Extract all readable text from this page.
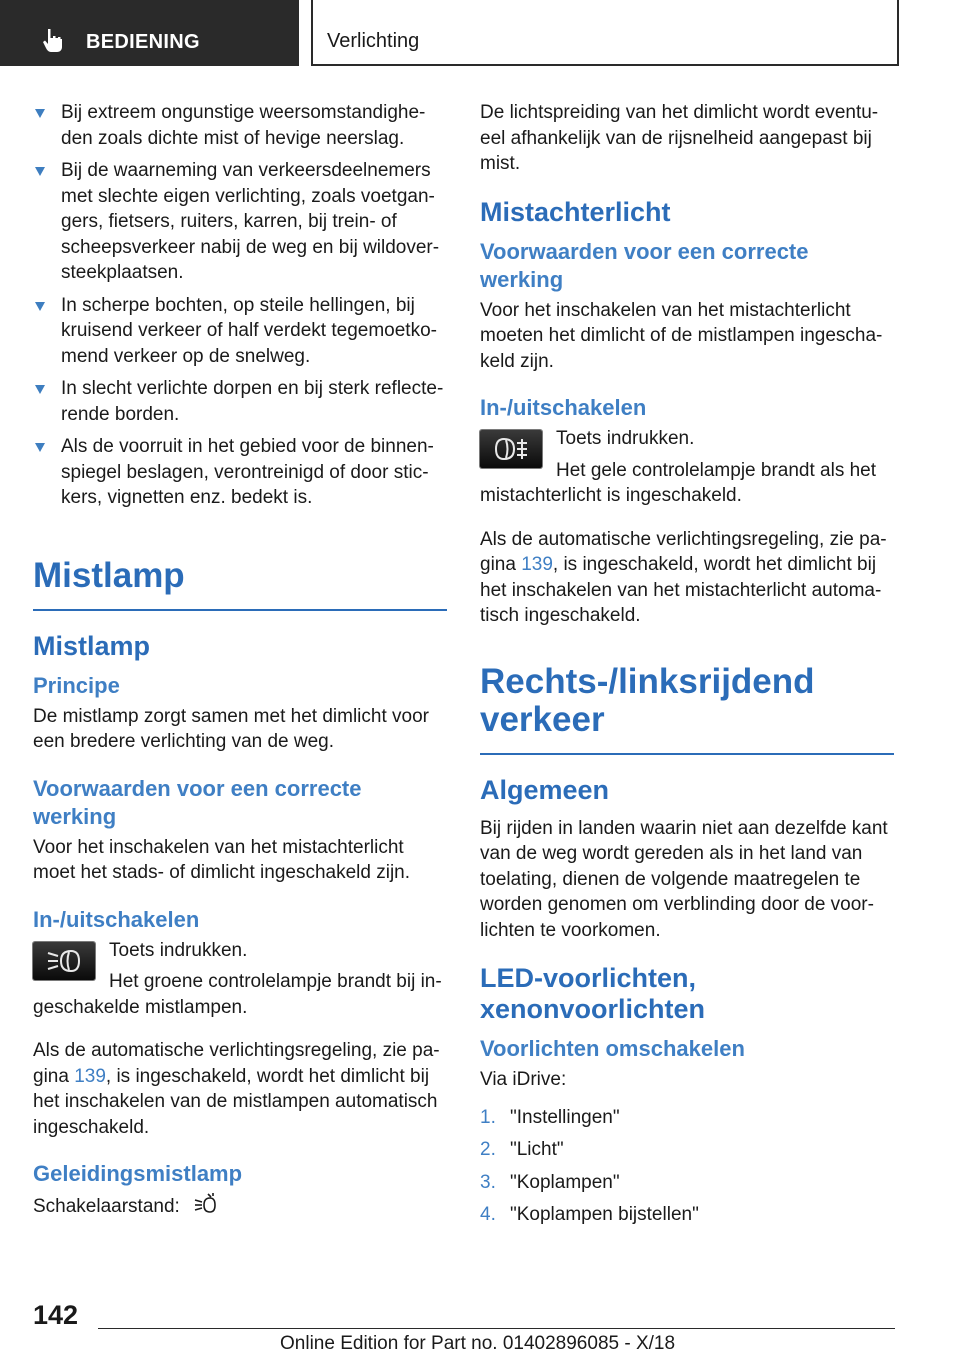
BEDIENING	Verlichting
Bij extreem ongunstige weersomstandighe-den zoals dichte mist of hevige neerslag.
Bij de waarneming van verkeersdeelnemers met slechte eigen verlichting, zoals voetgan-gers, fietsers, ruiters, karren, bij trein- of scheepsverkeer nabij de weg en bij wildover-steekplaatsen.
In scherpe bochten, op steile hellingen, bij kruisend verkeer of half verdekt tegemoetko-mend verkeer op de snelweg.
In slecht verlichte dorpen en bij sterk reflecte-rende borden.
Als de voorruit in het gebied voor de binnen-spiegel beslagen, verontreinigd of door stic-kers, vignetten enz. bedekt is.
Mistlamp
Mistlamp
Principe

De mistlamp zorgt samen met het dimlicht voor een bredere verlichting van de weg.

Voorwaarden voor een correcte werking

Voor het inschakelen van het mistachterlicht moet het stads- of dimlicht ingeschakeld zijn.

In-/uitschakelen

Toets indrukken.

Het groene controlelampje brandt bij in-geschakelde mistlampen.

Als de automatische verlichtingsregeling, zie pa-gina 139, is ingeschakeld, wordt het dimlicht bij het inschakelen van de mistlampen automatisch ingeschakeld.

Geleidingsmistlamp

Schakelaarstand:

De lichtspreiding van het dimlicht wordt eventu-eel afhankelijk van de rijsnelheid aangepast bij mist.

Mistachterlicht
Voorwaarden voor een correcte werking

Voor het inschakelen van het mistachterlicht moeten het dimlicht of de mistlampen ingescha-keld zijn.

In-/uitschakelen

Toets indrukken.

Het gele controlelampje brandt als het mistachterlicht is ingeschakeld.

Als de automatische verlichtingsregeling, zie pa-gina 139, is ingeschakeld, wordt het dimlicht bij het inschakelen van het mistachterlicht automa-tisch ingeschakeld.

Rechts-/linksrijdend verkeer
Algemeen

Bij rijden in landen waarin niet aan dezelfde kant van de weg wordt gereden als in het land van toelating, dienen de volgende maatregelen te worden genomen om verblinding door de voor-lichten te voorkomen.

LED-voorlichten, xenonvoorlichten
Voorlichten omschakelen

Via iDrive:

1. "Instellingen"
2. "Licht"
3. "Koplampen"
4. "Koplampen bijstellen"
142
Online Edition for Part no. 01402896085 - X/18
